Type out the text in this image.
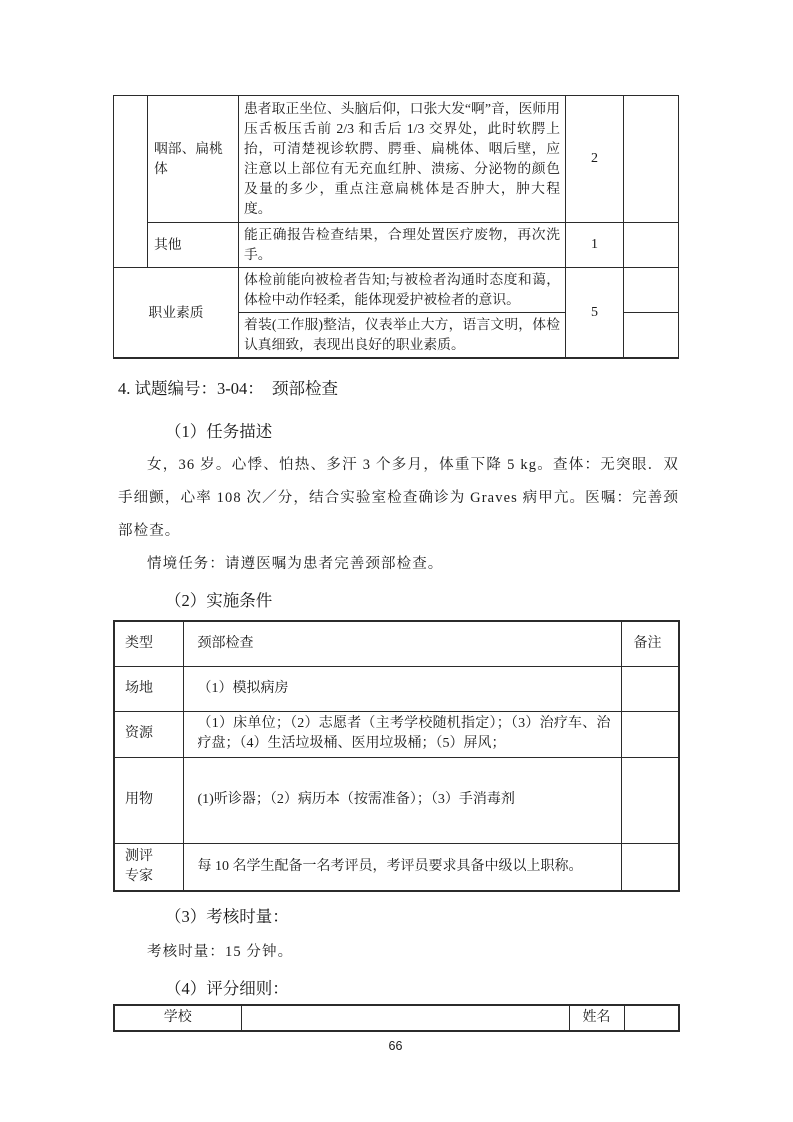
	咽部、扁桃体	患者取正坐位、头脑后仰，口张大发“啊”音，医师用压舌板压舌前 2/3 和舌后 1/3 交界处，此时软腭上抬，可清楚视诊软腭、腭垂、扁桃体、咽后壁，应注意以上部位有无充血红肿、溃疡、分泌物的颜色及量的多少，重点注意扁桃体是否肿大，肿大程度。	2	
	其他	能正确报告检查结果，合理处置医疗废物，再次洗手。	1	
职业素质		体检前能向被检者告知;与被检者沟通时态度和蔼，体检中动作轻柔，能体现爱护被检者的意识。	5	
		着装(工作服)整洁，仪表举止大方，语言文明，体检认真细致，表现出良好的职业素质。		
4. 试题编号：3-04：　颈部检查
（1）任务描述
女，36 岁。心悸、怕热、多汗 3 个多月，体重下降 5 kg。查体：无突眼．双手细颤，心率 108 次／分，结合实验室检查确诊为 Graves 病甲亢。医嘱：完善颈部检查。
情境任务：请遵医嘱为患者完善颈部检查。
（2）实施条件
类型	颈部检查	备注
场地	（1）模拟病房	
资源	（1）床单位；（2）志愿者（主考学校随机指定）；（3）治疗车、治疗盘；（4）生活垃圾桶、医用垃圾桶；（5）屏风；	
用物	(1)听诊器；（2）病历本（按需准备）；（3）手消毒剂	
测评专家	每 10 名学生配备一名考评员，考评员要求具备中级以上职称。	
（3）考核时量：
考核时量：15 分钟。
（4）评分细则：
学校		姓名	
66
